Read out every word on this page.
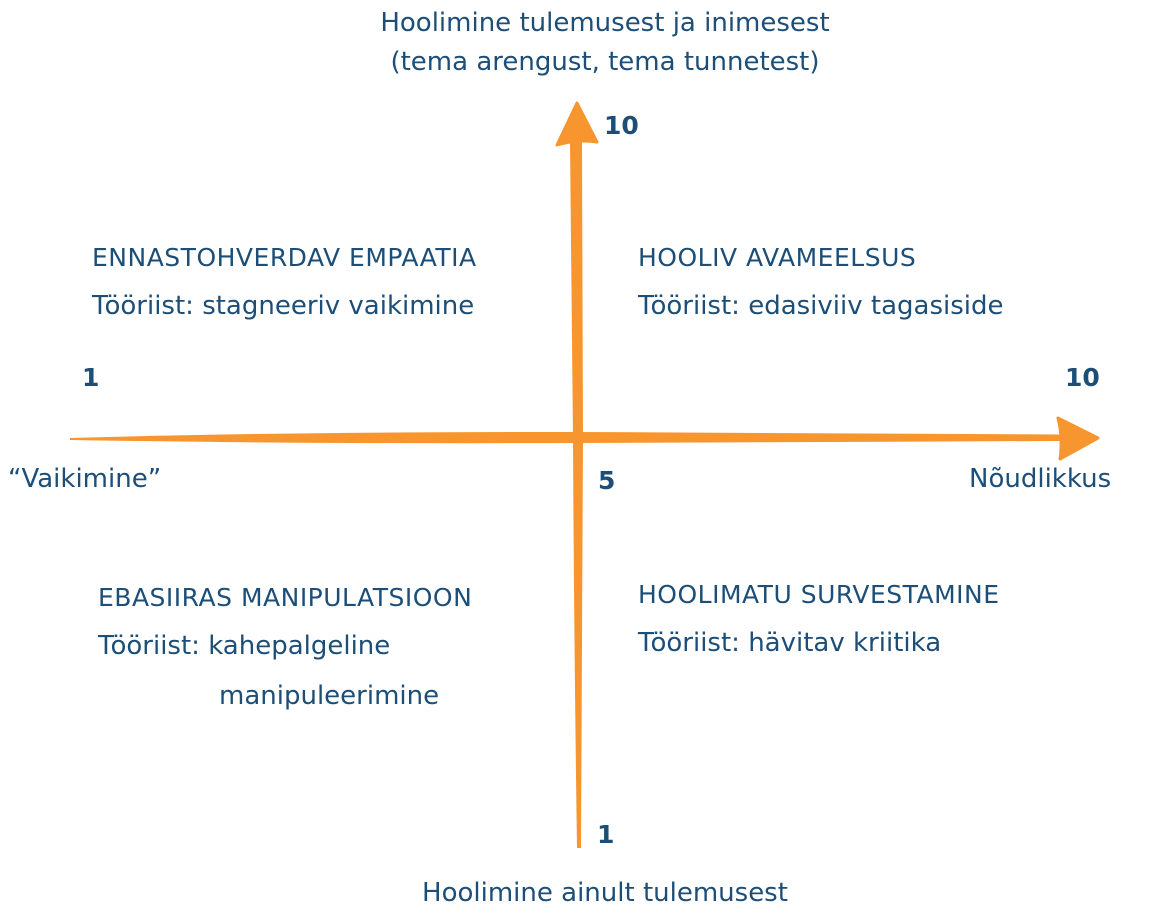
Hoolimine tulemusest ja inimesest
(tema arengust, tema tunnetest)
Hoolimine ainult tulemusest
10
1
1	10
5
“Vaikimine”	Nõudlikkus
ENNASTOHVERDAV EMPAATIA
Tööriist: stagneeriv vaikimine
HOOLIV AVAMEELSUS
Tööriist: edasiviiv tagasiside
EBASIIRAS MANIPULATSIOON
Tööriist: kahepalgeline
manipuleerimine
HOOLIMATU SURVESTAMINE
Tööriist: hävitav kriitika
